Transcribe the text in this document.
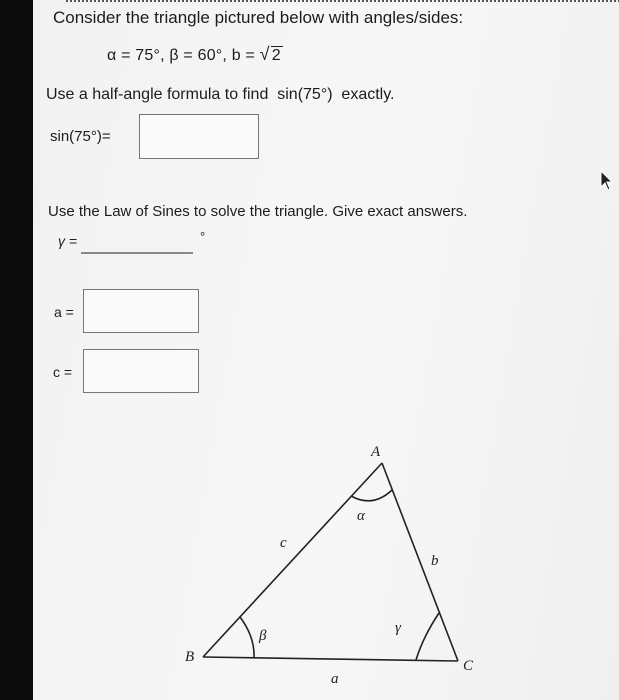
Consider the triangle pictured below with angles/sides:
α = 75°, β = 60°, b = √ 2
Use a half-angle formula to find  sin(75°)  exactly.
sin(75°)=
Use the Law of Sines to solve the triangle. Give exact answers.
γ =	°
a =
c =
A
B
C
a
b
c
α
β	γ
